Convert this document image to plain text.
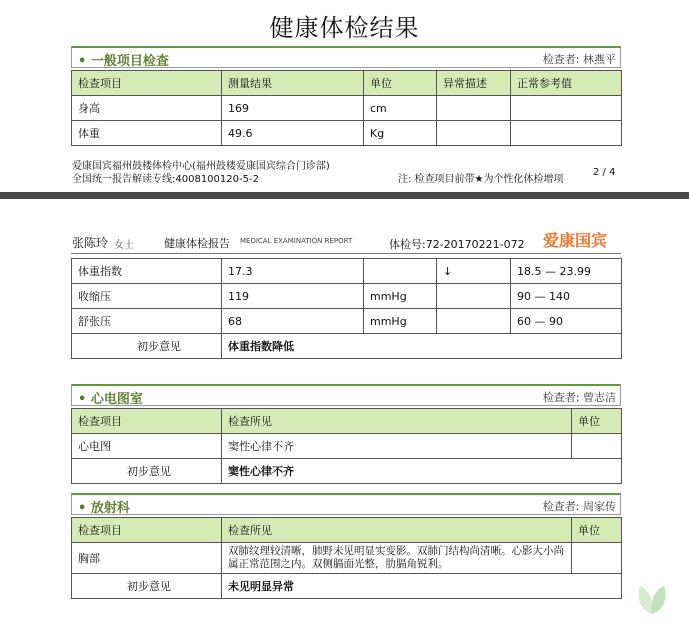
健康体检结果
• 一般项目检查	检查者: 林燕平
检查项目	测量结果	单位	异常描述	正常参考值
身高	169	cm		
体重	49.6	Kg		
爱康国宾福州鼓楼体检中心(福州鼓楼爱康国宾综合门诊部)
全国统一报告解读专线:4008100120-5-2	注: 检查项目前带★为个性化体检增项
2 / 4
张陈玲 女士	健康体检报告 MEDICAL EXAMINATION REPORT	体检号:72-20170221-072 爱康国宾
体重指数	17.3		↓	18.5 — 23.99
收缩压	119	mmHg		90 — 140
舒张压	68	mmHg		60 — 90
初步意见	体重指数降低			
• 心电图室	检查者: 曾志洁
检查项目	检查所见	单位
心电图	窦性心律不齐	
初步意见	窦性心律不齐	
• 放射科	检查者: 周家传
检查项目	检查所见	单位
胸部	双肺纹理较清晰，肺野未见明显实变影。双肺门结构尚清晰。心影大小尚属正常范围之内。双侧膈面光整，肋膈角锐利。	
初步意见	未见明显异常	
